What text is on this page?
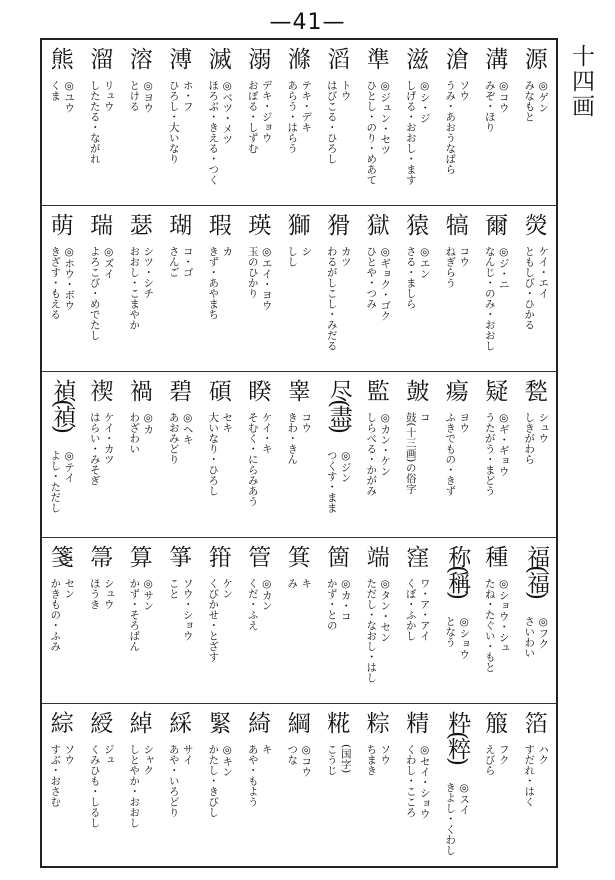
—41—
源
◎ゲン
みなもと
溝
◎コウ
みぞ・ほり
滄
ソウ
うみ・あおうなばら
滋
◎シ・ジ
しげる・おおし・ます
準
◎ジュン・セツ
ひとし・のり・めあて
滔
トウ
はびこる・ひろし
滌
テキ・デキ
あらう・はらう
溺
デキ・ジョウ
おぼる・しずむ
滅
◎ベツ・メツ
ほろぶ・きえる・つく
溥
ホ・フ
ひろし・大いなり
溶
◎ヨウ
とける
溜
リュウ
したたる・ながれ
熊
◎ユウ
くま
熒
ケイ・エイ
ともしび・ひかる
爾
◎ジ・ニ
なんじ・のみ・おおし
犒
コウ
ねぎらう
猿
◎エン
さる・ましら
獄
◎ギョク・ゴク
ひとや・つみ
猾
カツ
わるがしこし・みだる
獅
シ
しし
瑛
◎エイ・ヨウ
玉のひかり
瑕
カ
きず・あやまち
瑚
コ・ゴ
さんご
瑟
シツ・シチ
おおし・こまやか
瑞
◎ズイ
よろこび・めでたし
萌
◎ホウ・ボウ
きざす・もえる
甃
シュウ
しきがわら
疑
◎ギ・ギョウ
うたがう・まどう
瘍
ヨウ
ふきでもの・きず
皷
コ
鼓(十三画)の俗字
監
◎カン・ケン
しらべる・かがみ
尽(盡)
◎ジン
つくす・まま
睾
コウ
きわ・きん
睽
ケイ・キ
そむく・にらみあう
碩
セキ
大いなり・ひろし
碧
◎ヘキ
あおみどり
禍
◎カ
わざわい
禊
ケイ・カツ
はらい・みそぎ
禎(禎)
◎テイ
よし・ただし
福(福)
◎フク
さいわい
種
◎ショウ・シュ
たね・たぐい・もと
称(稱)
◎ショウ
となう
窪
ワ・ア・アイ
くぼ・ふかし
端
◎タン・セン
ただし・なおし・はし
箇
◎カ・コ
かず・との
箕
キ
み
管
◎カン
くだ・ふえ
箝
ケン
くびかせ・とざす
箏
ソウ・ショウ
こと
算
◎サン
かず・そろばん
箒
シュウ
ほうき
箋
セン
かきもの・ふみ
箔
ハク
すだれ・はく
箙
フク
えびら
粋(粹)
◎スイ
きよし・くわし
精
◎セイ・ショウ
くわし・こころ
粽
ソウ
ちまき
糀
(国字)
こうじ
綱
◎コウ
つな
綺
キ
あや・もよう
緊
◎キン
かたし・きびし
綵
サイ
あや・いろどり
綽
シャク
しとやか・おおし
綬
ジュ
くみひも・しるし
綜
ソウ
すぶ・おさむ
十四画
